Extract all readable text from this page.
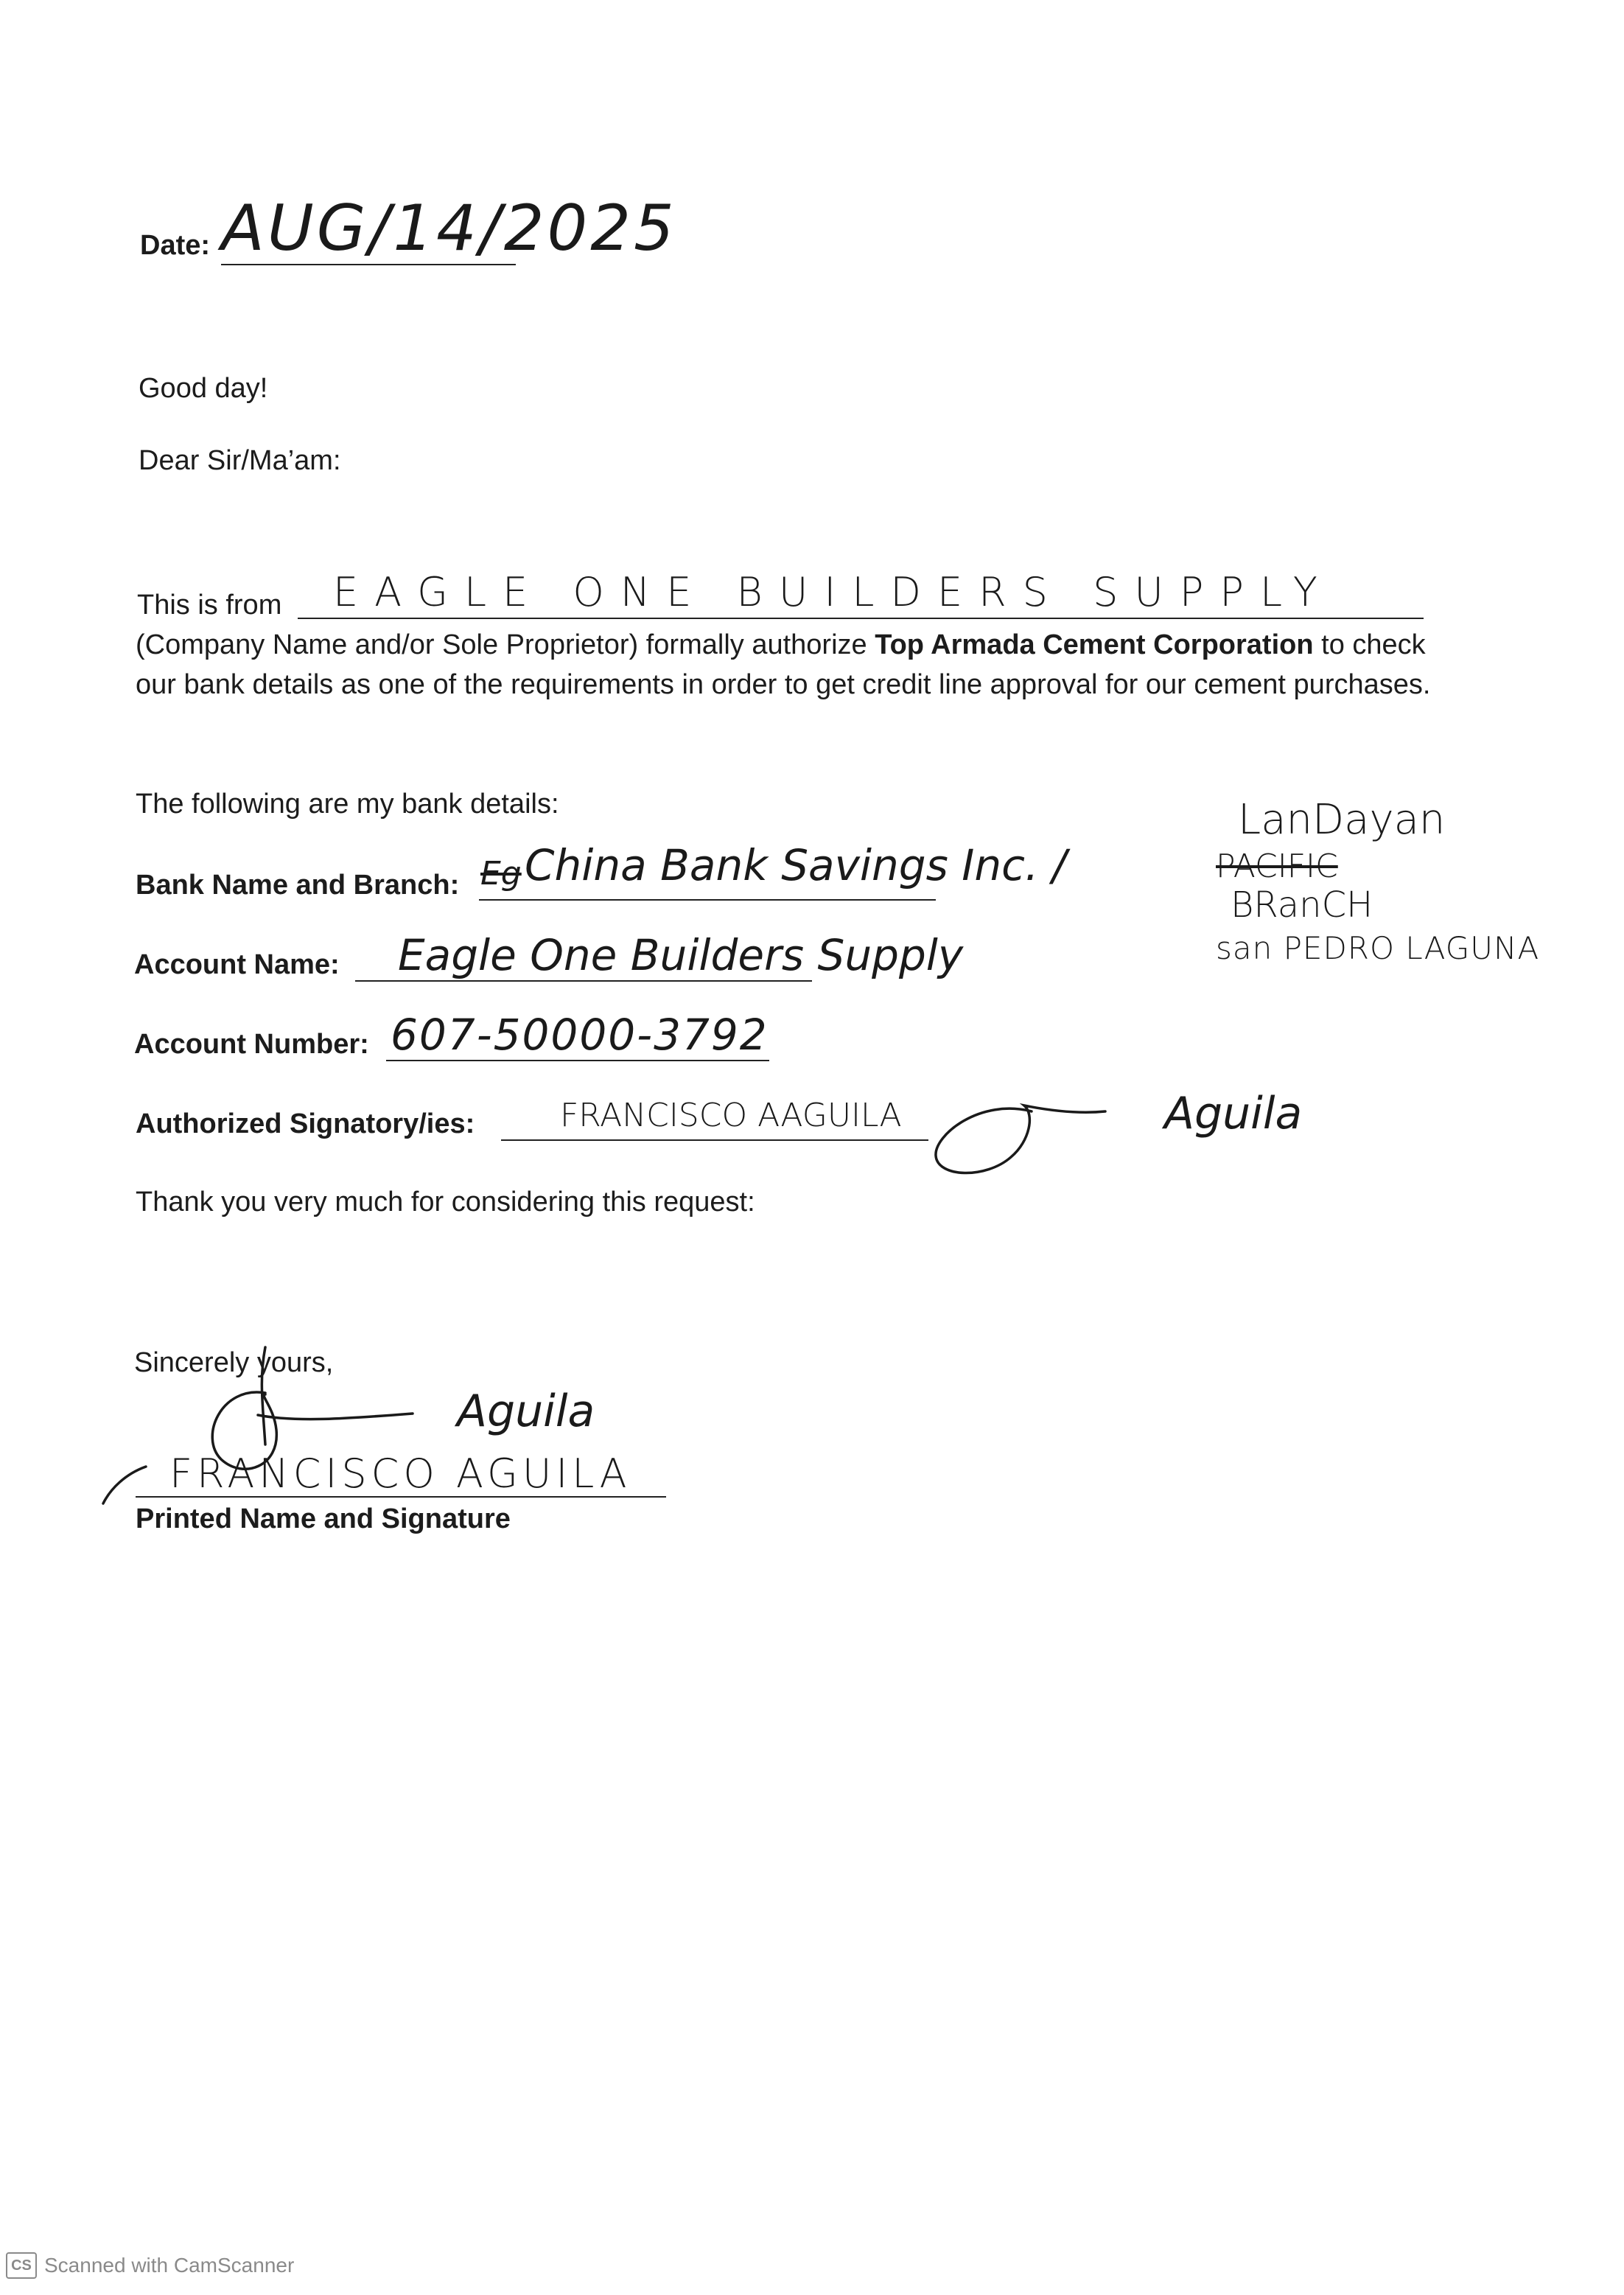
Date: AUG/14/2025
Good day!
Dear Sir/Ma’am:
This is from EAGLE ONE BUILDERS SUPPLY
(Company Name and/or Sole Proprietor) formally authorize Top Armada Cement Corporation to check our bank details as one of the requirements in order to get credit line approval for our cement purchases.
The following are my bank details:
Bank Name and Branch: Eg China Bank Savings Inc. /
LanDayan
PACIFIC
BRanCH
san PEDRO LAGUNA
Account Name: Eagle One Builders Supply
Account Number: 607-50000-3792
Authorized Signatory/ies:	FRANCISCO AAGUILA	Aguila
Thank you very much for considering this request:
Sincerely yours,
Aguila
FRANCISCO AGUILA
Printed Name and Signature
CS Scanned with CamScanner
